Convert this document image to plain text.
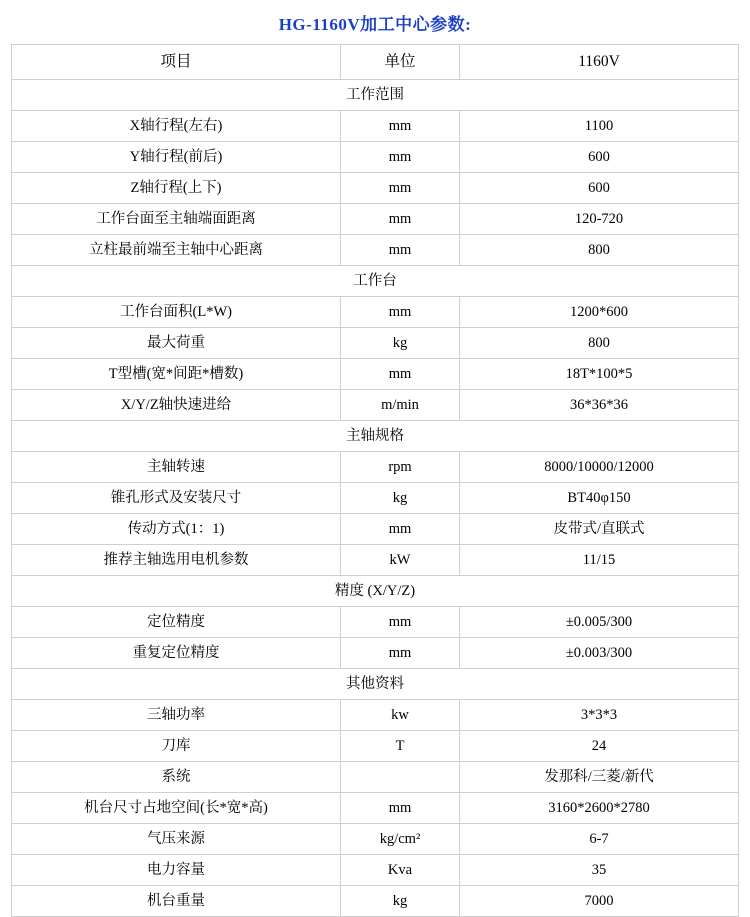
HG-1160V加工中心参数:
项目	单位	1160V
工作范围		
X轴行程(左右)	mm	1100
Y轴行程(前后)	mm	600
Z轴行程(上下)	mm	600
工作台面至主轴端面距离	mm	120-720
立柱最前端至主轴中心距离	mm	800
工作台		
工作台面积(L*W)	mm	1200*600
最大荷重	kg	800
T型槽(宽*间距*槽数)	mm	18T*100*5
X/Y/Z轴快速进给	m/min	36*36*36
主轴规格		
主轴转速	rpm	8000/10000/12000
锥孔形式及安装尺寸	kg	BT40φ150
传动方式(1：1)	mm	皮带式/直联式
推荐主轴选用电机参数	kW	11/15
精度 (X/Y/Z)		
定位精度	mm	±0.005/300
重复定位精度	mm	±0.003/300
其他资料		
三轴功率	kw	3*3*3
刀库	T	24
系统		发那科/三菱/新代
机台尺寸占地空间(长*宽*高)	mm	3160*2600*2780
气压来源	kg/cm²	6-7
电力容量	Kva	35
机台重量	kg	7000
